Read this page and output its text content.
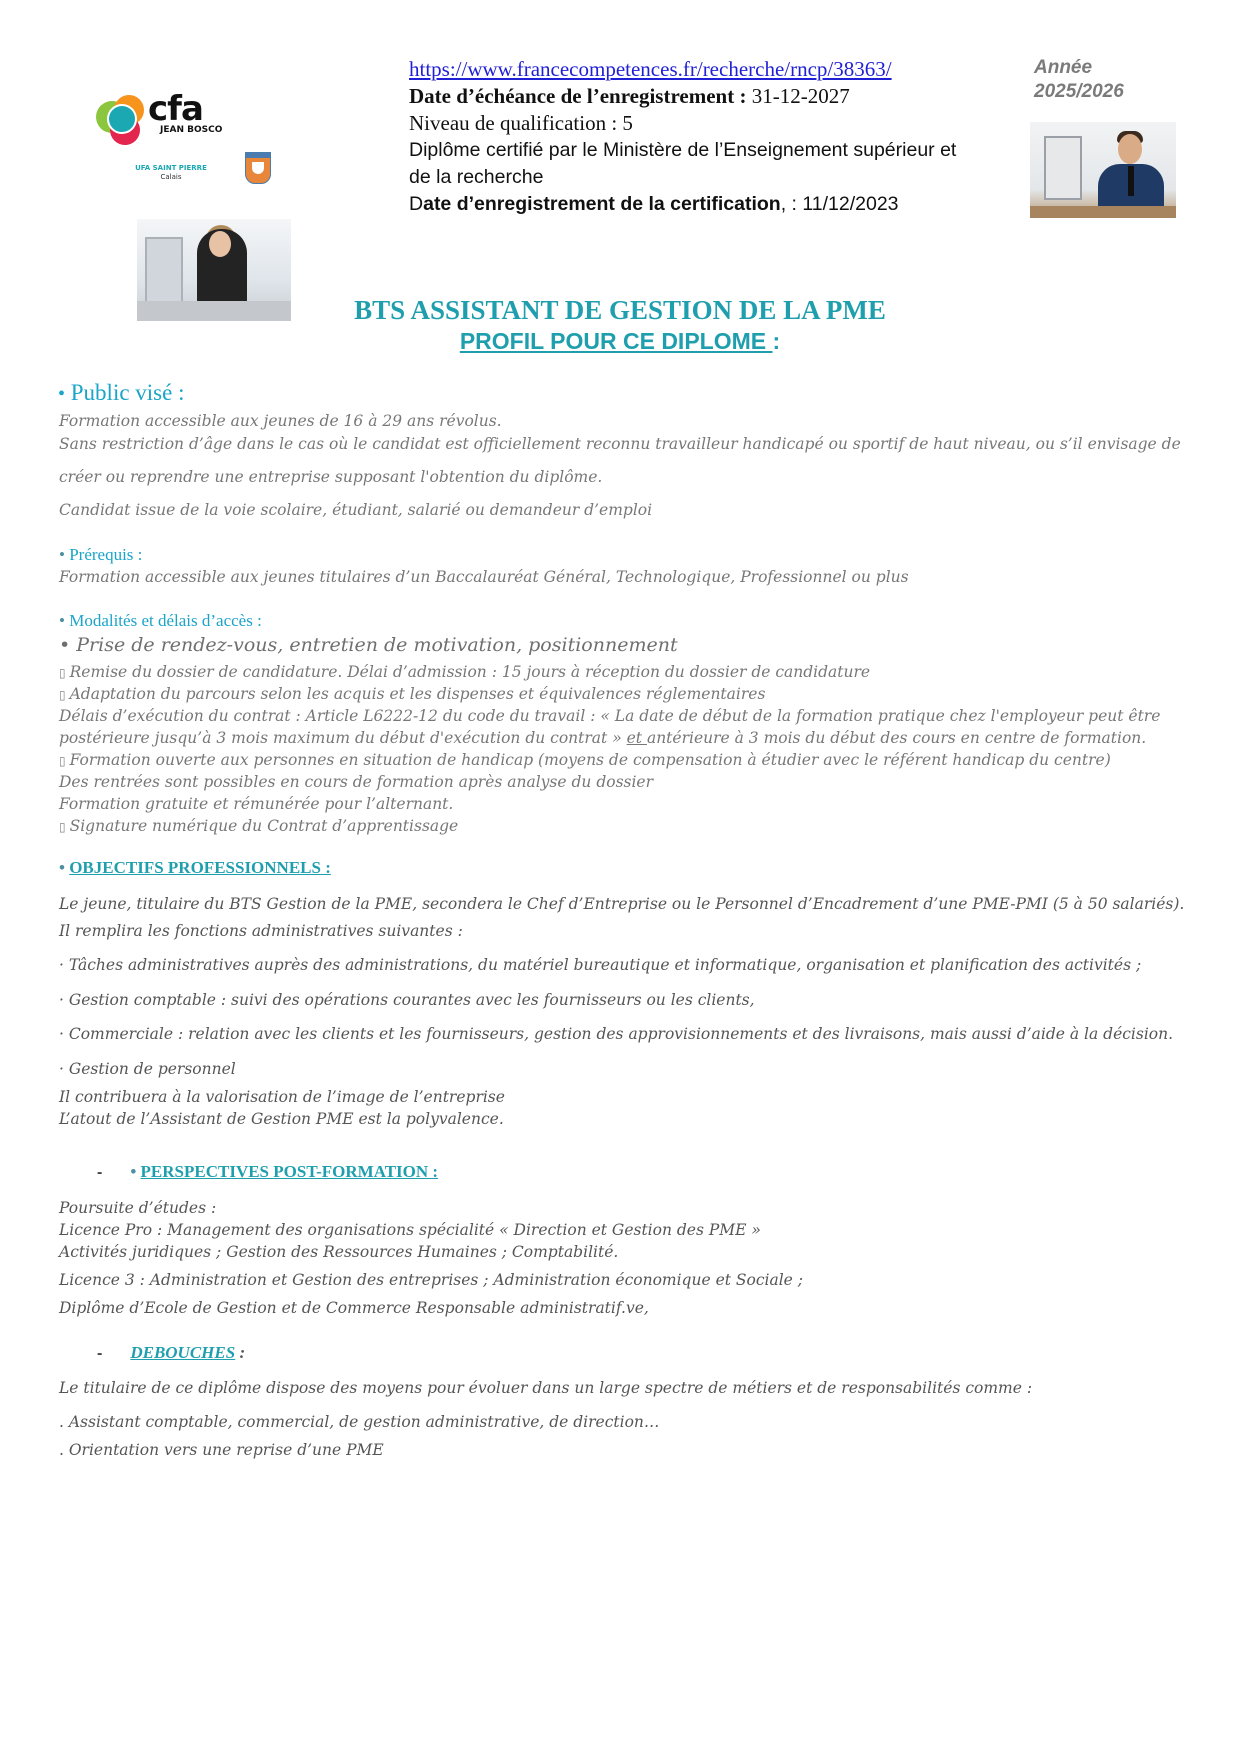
cfa
JEAN BOSCO
UFA SAINT PIERRE
Calais
https://www.francecompetences.fr/recherche/rncp/38363/
Date d’échéance de l’enregistrement : 31-12-2027
Niveau de qualification : 5
Diplôme certifié par le Ministère de l’Enseignement supérieur et
de la recherche
Date d’enregistrement de la certification, : 11/12/2023
Année
2025/2026
BTS ASSISTANT DE GESTION DE LA PME
PROFIL POUR CE DIPLOME :
• Public visé :
Formation accessible aux jeunes de 16 à 29 ans révolus.
Sans restriction d’âge dans le cas où le candidat est officiellement reconnu travailleur handicapé ou sportif de haut niveau, ou s’il envisage de
créer ou reprendre une entreprise supposant l'obtention du diplôme.
Candidat issue de la voie scolaire, étudiant, salarié ou demandeur d’emploi
• Prérequis :
Formation accessible aux jeunes titulaires d’un Baccalauréat Général, Technologique, Professionnel ou plus
• Modalités et délais d’accès :
• Prise de rendez-vous, entretien de motivation, positionnement
▯ Remise du dossier de candidature. Délai d’admission : 15 jours à réception du dossier de candidature
▯ Adaptation du parcours selon les acquis et les dispenses et équivalences réglementaires
Délais d’exécution du contrat : Article L6222-12 du code du travail : « La date de début de la formation pratique chez l'employeur peut être
postérieure jusqu’à 3 mois maximum du début d'exécution du contrat » et antérieure à 3 mois du début des cours en centre de formation.
▯ Formation ouverte aux personnes en situation de handicap (moyens de compensation à étudier avec le référent handicap du centre)
Des rentrées sont possibles en cours de formation après analyse du dossier
Formation gratuite et rémunérée pour l’alternant.
▯ Signature numérique du Contrat d’apprentissage
• OBJECTIFS PROFESSIONNELS :
Le jeune, titulaire du BTS Gestion de la PME, secondera le Chef d’Entreprise ou le Personnel d’Encadrement d’une PME-PMI (5 à 50 salariés).
Il remplira les fonctions administratives suivantes :
· Tâches administratives auprès des administrations, du matériel bureautique et informatique, organisation et planification des activités ;
· Gestion comptable : suivi des opérations courantes avec les fournisseurs ou les clients,
· Commerciale : relation avec les clients et les fournisseurs, gestion des approvisionnements et des livraisons, mais aussi d’aide à la décision.
· Gestion de personnel
Il contribuera à la valorisation de l’image de l’entreprise
L’atout de l’Assistant de Gestion PME est la polyvalence.
- • PERSPECTIVES POST-FORMATION :
Poursuite d’études :
Licence Pro : Management des organisations spécialité « Direction et Gestion des PME »
Activités juridiques ; Gestion des Ressources Humaines ; Comptabilité.
Licence 3 : Administration et Gestion des entreprises ; Administration économique et Sociale ;
Diplôme d’Ecole de Gestion et de Commerce Responsable administratif.ve,
- DEBOUCHES :
Le titulaire de ce diplôme dispose des moyens pour évoluer dans un large spectre de métiers et de responsabilités comme :
. Assistant comptable, commercial, de gestion administrative, de direction…
. Orientation vers une reprise d’une PME
